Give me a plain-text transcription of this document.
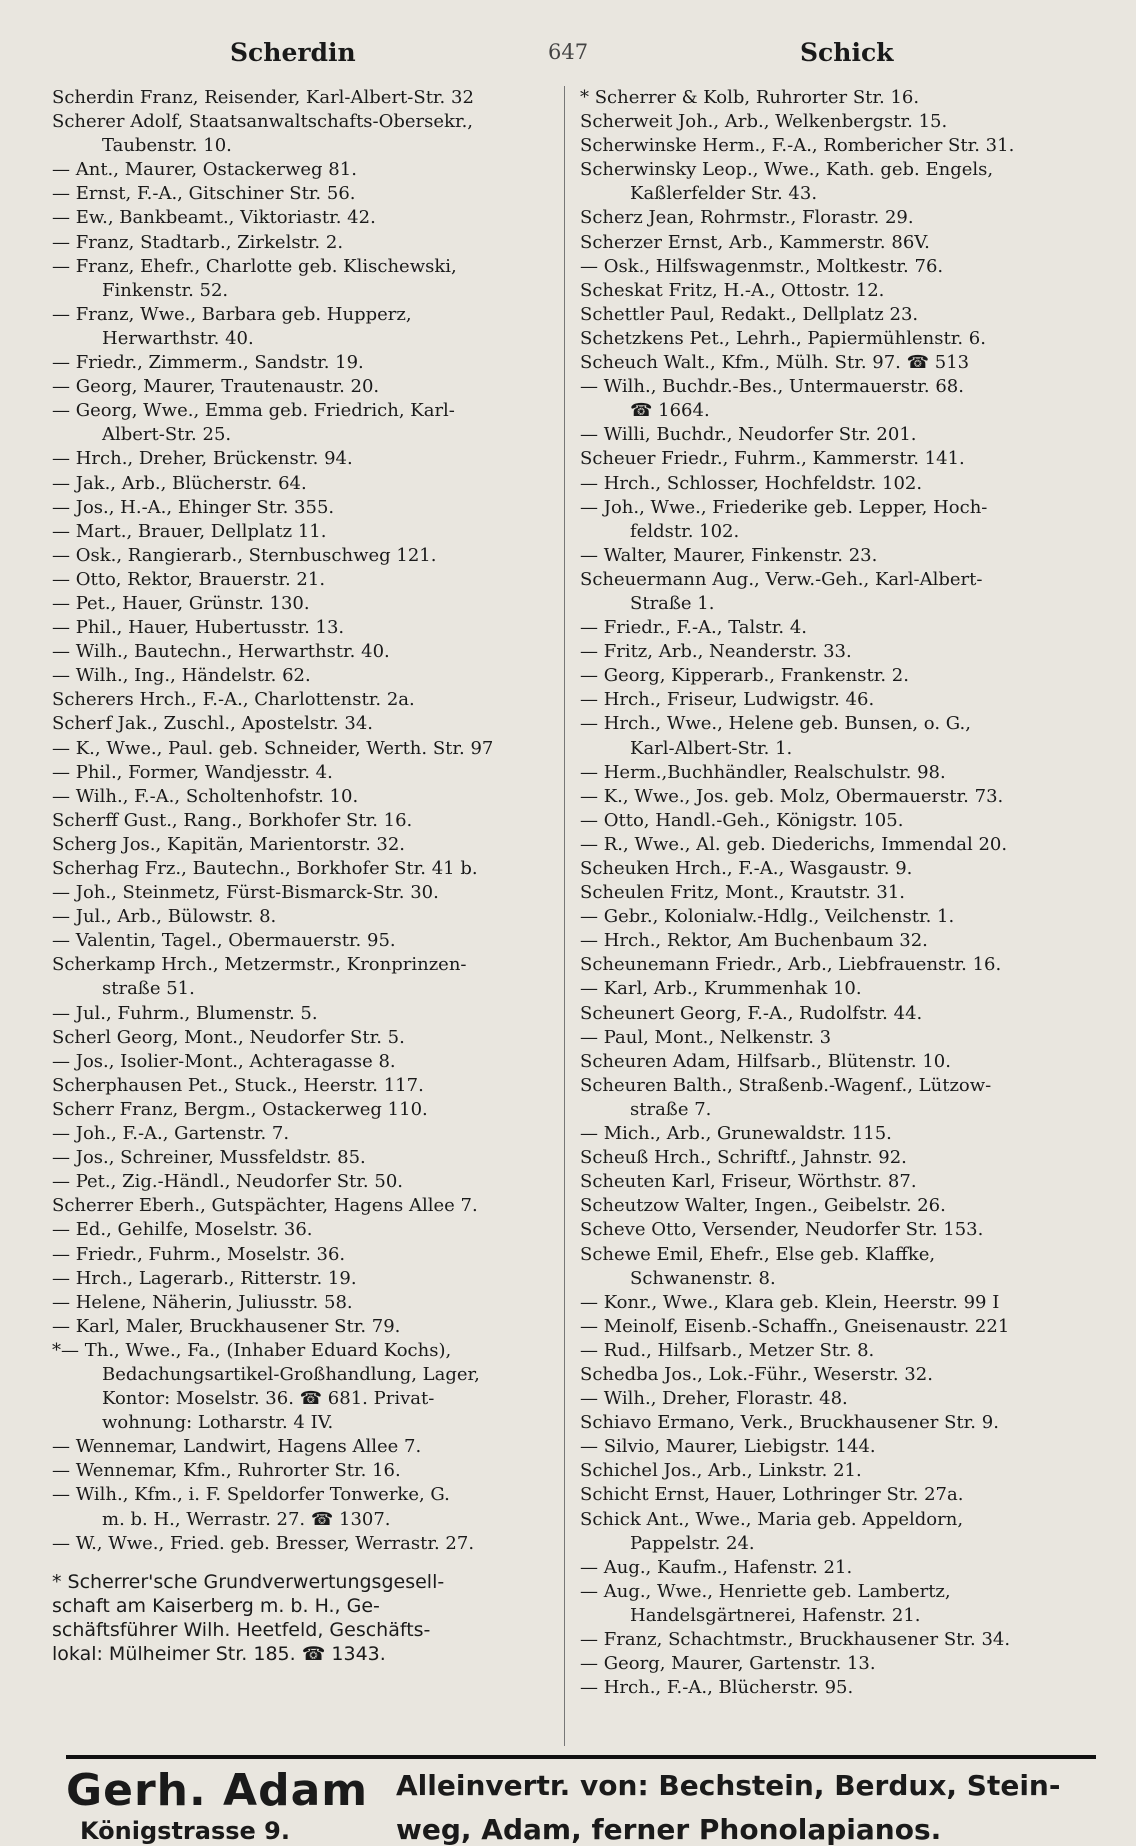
Scherdin	647	Schick
Scherdin Franz, Reisender, Karl-Albert-Str. 32
Scherer Adolf, Staatsanwaltschafts-Obersekr.,
Taubenstr. 10.
— Ant., Maurer, Ostackerweg 81.
— Ernst, F.-A., Gitschiner Str. 56.
— Ew., Bankbeamt., Viktoriastr. 42.
— Franz, Stadtarb., Zirkelstr. 2.
— Franz, Ehefr., Charlotte geb. Klischewski,
Finkenstr. 52.
— Franz, Wwe., Barbara geb. Hupperz,
Herwarthstr. 40.
— Friedr., Zimmerm., Sandstr. 19.
— Georg, Maurer, Trautenaustr. 20.
— Georg, Wwe., Emma geb. Friedrich, Karl-
Albert-Str. 25.
— Hrch., Dreher, Brückenstr. 94.
— Jak., Arb., Blücherstr. 64.
— Jos., H.-A., Ehinger Str. 355.
— Mart., Brauer, Dellplatz 11.
— Osk., Rangierarb., Sternbuschweg 121.
— Otto, Rektor, Brauerstr. 21.
— Pet., Hauer, Grünstr. 130.
— Phil., Hauer, Hubertusstr. 13.
— Wilh., Bautechn., Herwarthstr. 40.
— Wilh., Ing., Händelstr. 62.
Scherers Hrch., F.-A., Charlottenstr. 2a.
Scherf Jak., Zuschl., Apostelstr. 34.
— K., Wwe., Paul. geb. Schneider, Werth. Str. 97
— Phil., Former, Wandjesstr. 4.
— Wilh., F.-A., Scholtenhofstr. 10.
Scherff Gust., Rang., Borkhofer Str. 16.
Scherg Jos., Kapitän, Marientorstr. 32.
Scherhag Frz., Bautechn., Borkhofer Str. 41 b.
— Joh., Steinmetz, Fürst-Bismarck-Str. 30.
— Jul., Arb., Bülowstr. 8.
— Valentin, Tagel., Obermauerstr. 95.
Scherkamp Hrch., Metzermstr., Kronprinzen-
straße 51.
— Jul., Fuhrm., Blumenstr. 5.
Scherl Georg, Mont., Neudorfer Str. 5.
— Jos., Isolier-Mont., Achteragasse 8.
Scherphausen Pet., Stuck., Heerstr. 117.
Scherr Franz, Bergm., Ostackerweg 110.
— Joh., F.-A., Gartenstr. 7.
— Jos., Schreiner, Mussfeldstr. 85.
— Pet., Zig.-Händl., Neudorfer Str. 50.
Scherrer Eberh., Gutspächter, Hagens Allee 7.
— Ed., Gehilfe, Moselstr. 36.
— Friedr., Fuhrm., Moselstr. 36.
— Hrch., Lagerarb., Ritterstr. 19.
— Helene, Näherin, Juliusstr. 58.
— Karl, Maler, Bruckhausener Str. 79.
*— Th., Wwe., Fa., (Inhaber Eduard Kochs),
Bedachungsartikel-Großhandlung, Lager,
Kontor: Moselstr. 36. ☎ 681. Privat-
wohnung: Lotharstr. 4 IV.
— Wennemar, Landwirt, Hagens Allee 7.
— Wennemar, Kfm., Ruhrorter Str. 16.
— Wilh., Kfm., i. F. Speldorfer Tonwerke, G.
m. b. H., Werrastr. 27. ☎ 1307.
— W., Wwe., Fried. geb. Bresser, Werrastr. 27.
* Scherrer'sche Grundverwertungsgesell-
schaft am Kaiserberg m. b. H., Ge-
schäftsführer Wilh. Heetfeld, Geschäfts-
lokal: Mülheimer Str. 185. ☎ 1343.
* Scherrer & Kolb, Ruhrorter Str. 16.
Scherweit Joh., Arb., Welkenbergstr. 15.
Scherwinske Herm., F.-A., Rombericher Str. 31.
Scherwinsky Leop., Wwe., Kath. geb. Engels,
Kaßlerfelder Str. 43.
Scherz Jean, Rohrmstr., Florastr. 29.
Scherzer Ernst, Arb., Kammerstr. 86V.
— Osk., Hilfswagenmstr., Moltkestr. 76.
Scheskat Fritz, H.-A., Ottostr. 12.
Schettler Paul, Redakt., Dellplatz 23.
Schetzkens Pet., Lehrh., Papiermühlenstr. 6.
Scheuch Walt., Kfm., Mülh. Str. 97. ☎ 513
— Wilh., Buchdr.-Bes., Untermauerstr. 68.
☎ 1664.
— Willi, Buchdr., Neudorfer Str. 201.
Scheuer Friedr., Fuhrm., Kammerstr. 141.
— Hrch., Schlosser, Hochfeldstr. 102.
— Joh., Wwe., Friederike geb. Lepper, Hoch-
feldstr. 102.
— Walter, Maurer, Finkenstr. 23.
Scheuermann Aug., Verw.-Geh., Karl-Albert-
Straße 1.
— Friedr., F.-A., Talstr. 4.
— Fritz, Arb., Neanderstr. 33.
— Georg, Kipperarb., Frankenstr. 2.
— Hrch., Friseur, Ludwigstr. 46.
— Hrch., Wwe., Helene geb. Bunsen, o. G.,
Karl-Albert-Str. 1.
— Herm.,Buchhändler, Realschulstr. 98.
— K., Wwe., Jos. geb. Molz, Obermauerstr. 73.
— Otto, Handl.-Geh., Königstr. 105.
— R., Wwe., Al. geb. Diederichs, Immendal 20.
Scheuken Hrch., F.-A., Wasgaustr. 9.
Scheulen Fritz, Mont., Krautstr. 31.
— Gebr., Kolonialw.-Hdlg., Veilchenstr. 1.
— Hrch., Rektor, Am Buchenbaum 32.
Scheunemann Friedr., Arb., Liebfrauenstr. 16.
— Karl, Arb., Krummenhak 10.
Scheunert Georg, F.-A., Rudolfstr. 44.
— Paul, Mont., Nelkenstr. 3
Scheuren Adam, Hilfsarb., Blütenstr. 10.
Scheuren Balth., Straßenb.-Wagenf., Lützow-
straße 7.
— Mich., Arb., Grunewaldstr. 115.
Scheuß Hrch., Schriftf., Jahnstr. 92.
Scheuten Karl, Friseur, Wörthstr. 87.
Scheutzow Walter, Ingen., Geibelstr. 26.
Scheve Otto, Versender, Neudorfer Str. 153.
Schewe Emil, Ehefr., Else geb. Klaffke,
Schwanenstr. 8.
— Konr., Wwe., Klara geb. Klein, Heerstr. 99 I
— Meinolf, Eisenb.-Schaffn., Gneisenaustr. 221
— Rud., Hilfsarb., Metzer Str. 8.
Schedba Jos., Lok.-Führ., Weserstr. 32.
— Wilh., Dreher, Florastr. 48.
Schiavo Ermano, Verk., Bruckhausener Str. 9.
— Silvio, Maurer, Liebigstr. 144.
Schichel Jos., Arb., Linkstr. 21.
Schicht Ernst, Hauer, Lothringer Str. 27a.
Schick Ant., Wwe., Maria geb. Appeldorn,
Pappelstr. 24.
— Aug., Kaufm., Hafenstr. 21.
— Aug., Wwe., Henriette geb. Lambertz,
Handelsgärtnerei, Hafenstr. 21.
— Franz, Schachtmstr., Bruckhausener Str. 34.
— Georg, Maurer, Gartenstr. 13.
— Hrch., F.-A., Blücherstr. 95.
Gerh. Adam
Königstrasse 9.
Alleinvertr. von: Bechstein, Berdux, Stein-
weg, Adam, ferner Phonolapianos.
